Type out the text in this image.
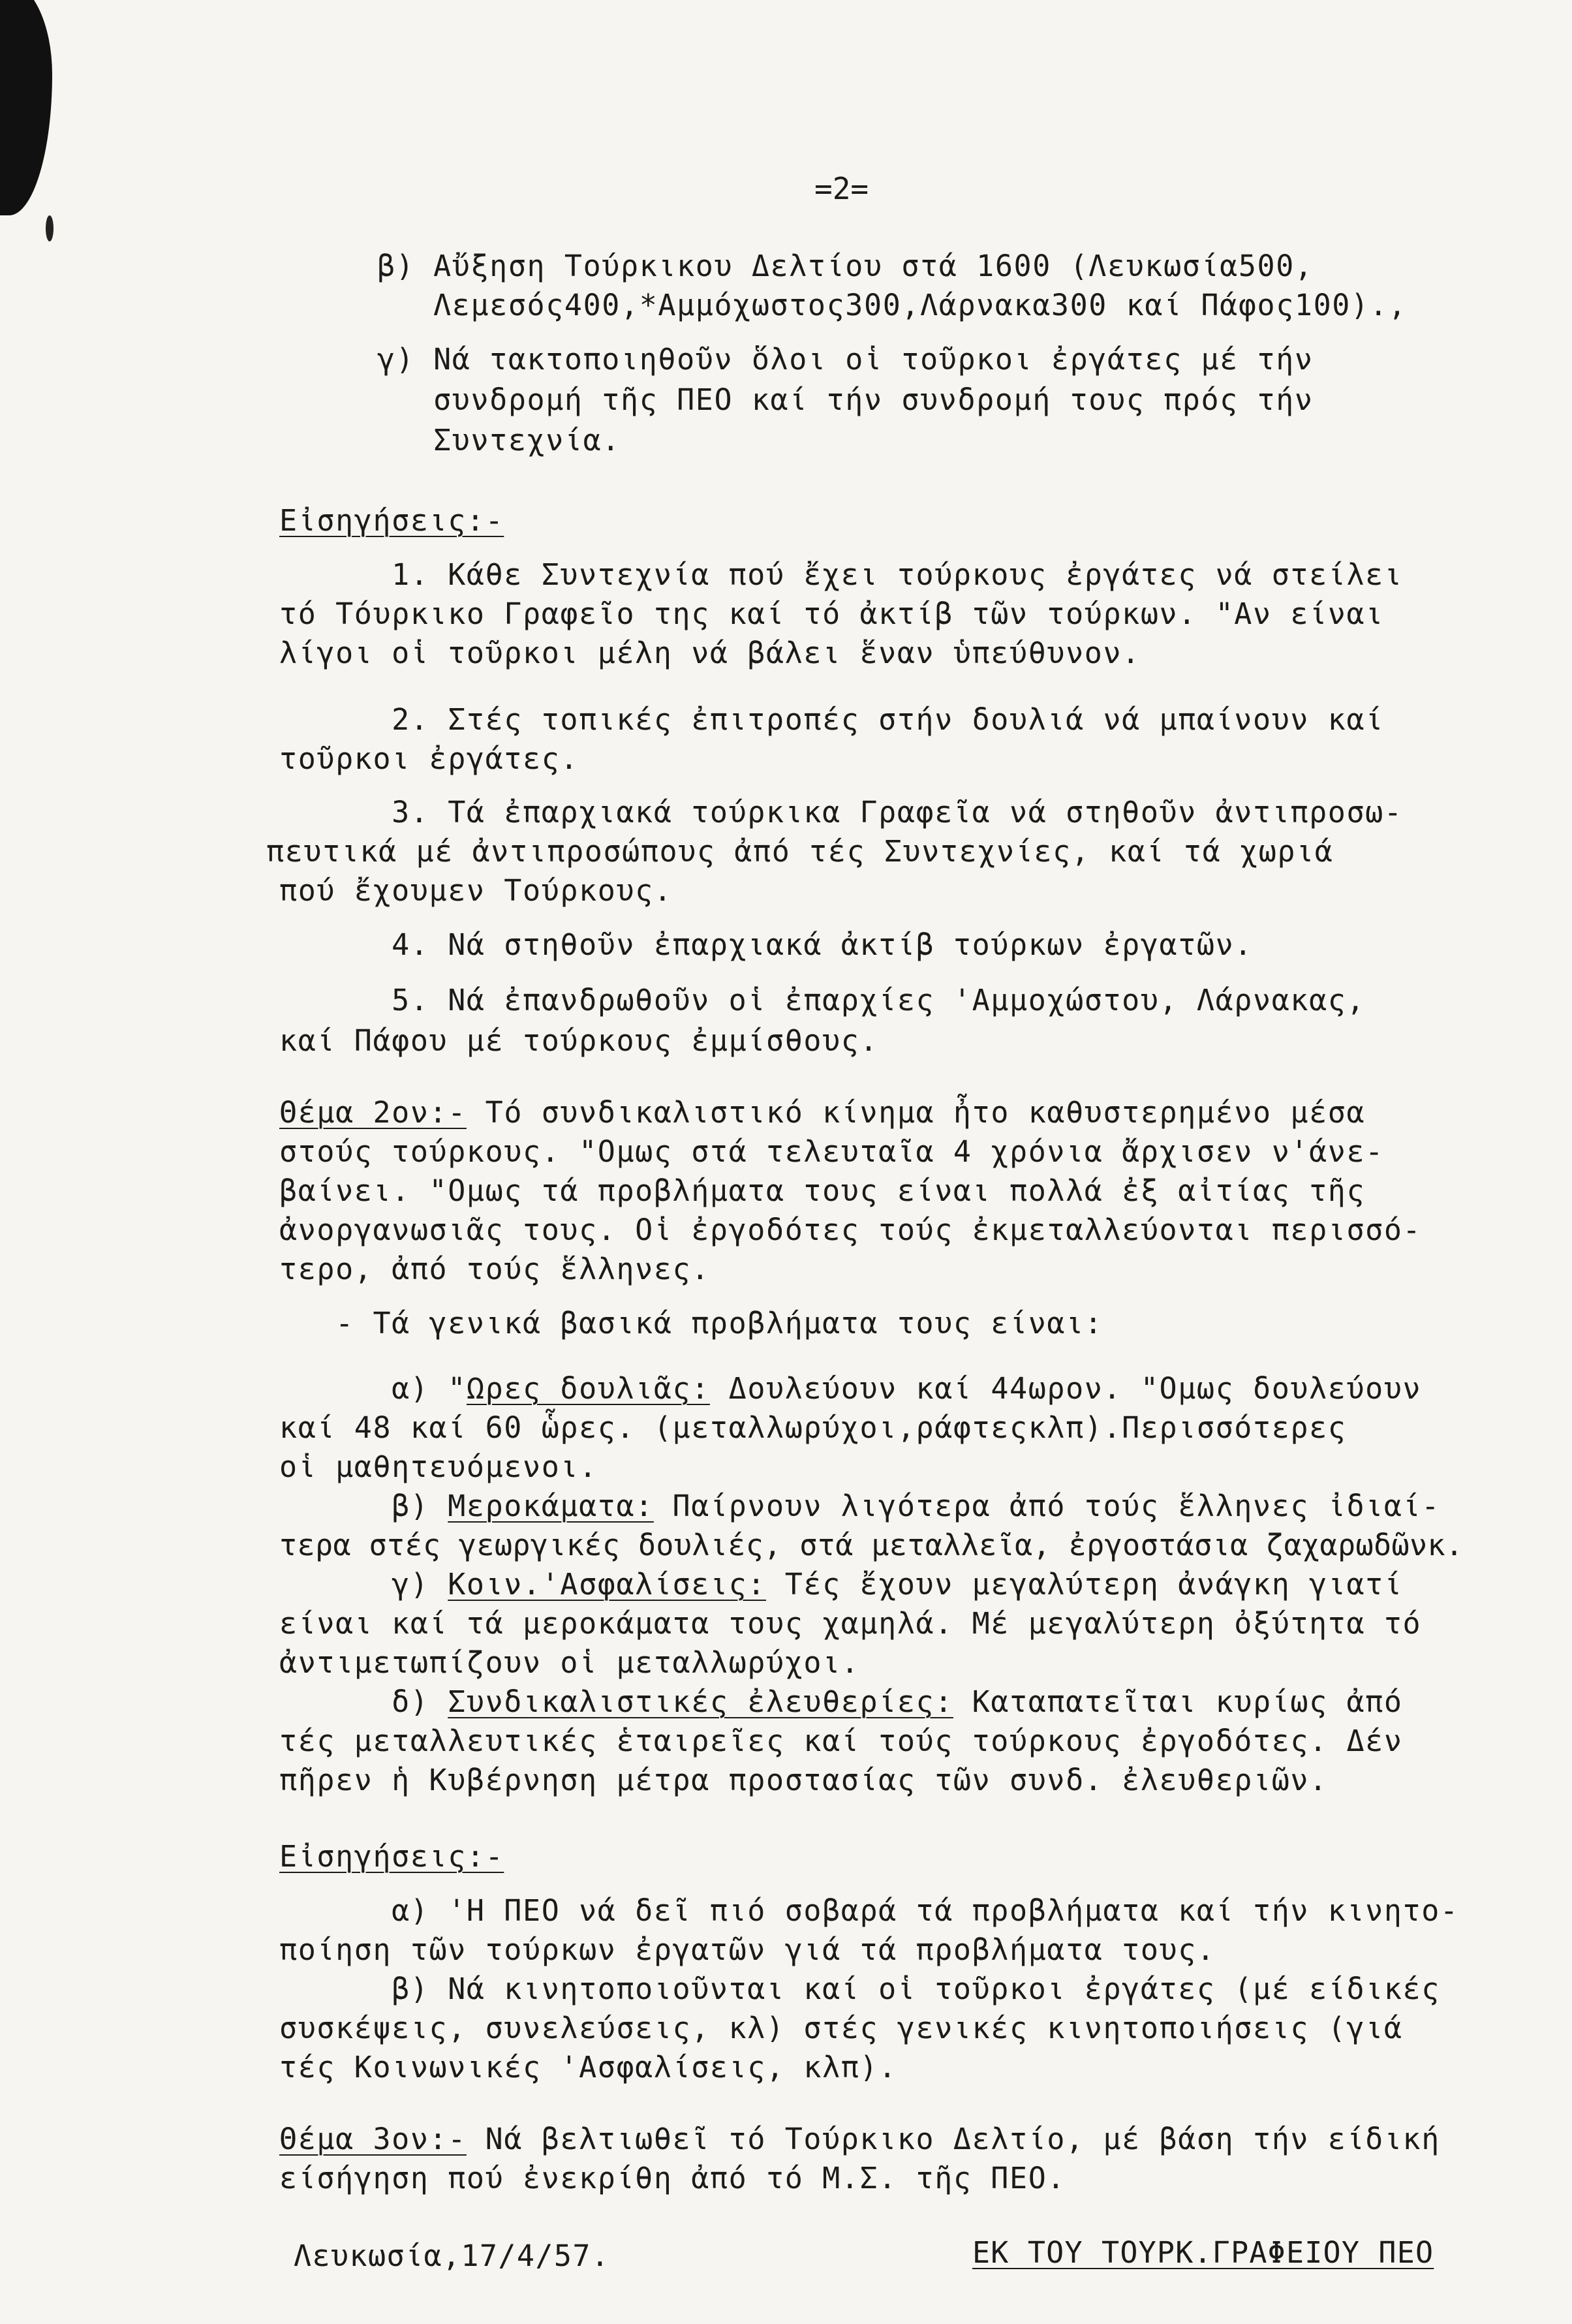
=2=
β) Αὔξηση Τούρκικου Δελτίου στά 1600 (Λευκωσία500,
Λεμεσός400,*Αμμόχωστος300,Λάρνακα300 καί Πάφος100).,
γ) Νά τακτοποιηθοῦν ὅλοι οἱ τοῦρκοι ἐργάτες μέ τήν
συνδρομή τῆς ΠΕΟ καί τήν συνδρομή τους πρός τήν
Συντεχνία.
Εἰσηγήσεις:-
1. Κάθε Συντεχνία πού ἔχει τούρκους ἐργάτες νά στείλει
τό Τόυρκικο Γραφεῖο της καί τό ἀκτίβ τῶν τούρκων. "Αν είναι
λίγοι οἱ τοῦρκοι μέλη νά βάλει ἕναν ὑπεύθυνον.
2. Στές τοπικές ἐπιτροπές στήν δουλιά νά μπαίνουν καί
τοῦρκοι ἐργάτες.
3. Τά ἐπαρχιακά τούρκικα Γραφεῖα νά στηθοῦν ἀντιπροσω-
πευτικά μέ ἀντιπροσώπους ἀπό τές Συντεχνίες, καί τά χωριά
πού ἔχουμεν Τούρκους.
4. Νά στηθοῦν ἐπαρχιακά ἀκτίβ τούρκων ἐργατῶν.
5. Νά ἐπανδρωθοῦν οἱ ἐπαρχίες 'Αμμοχώστου, Λάρνακας,
καί Πάφου μέ τούρκους ἐμμίσθους.
Θέμα 2ον:- Τό συνδικαλιστικό κίνημα ἦτο καθυστερημένο μέσα
στούς τούρκους. "Ομως στά τελευταῖα 4 χρόνια ἄρχισεν ν'άνε-
βαίνει. "Ομως τά προβλήματα τους είναι πολλά ἐξ αἰτίας τῆς
ἀνοργανωσιᾶς τους. Οἱ ἐργοδότες τούς ἐκμεταλλεύονται περισσό-
τερο, ἀπό τούς ἕλληνες.
- Τά γενικά βασικά προβλήματα τους είναι:
α) "Ωρες δουλιᾶς: Δουλεύουν καί 44ωρον. "Ομως δουλεύουν
καί 48 καί 60 ὧρες. (μεταλλωρύχοι,ράφτεςκλπ).Περισσότερες
οἱ μαθητευόμενοι.
β) Μεροκάματα: Παίρνουν λιγότερα ἀπό τούς ἕλληνες ἰδιαί-
τερα στές γεωργικές δουλιές, στά μεταλλεῖα, ἐργοστάσια ζαχαρωδῶνκ.
γ) Κοιν.'Ασφαλίσεις: Τές ἔχουν μεγαλύτερη ἀνάγκη γιατί
είναι καί τά μεροκάματα τους χαμηλά. Μέ μεγαλύτερη ὀξύτητα τό
ἀντιμετωπίζουν οἱ μεταλλωρύχοι.
δ) Συνδικαλιστικές ἐλευθερίες: Καταπατεῖται κυρίως ἀπό
τές μεταλλευτικές ἑταιρεῖες καί τούς τούρκους ἐργοδότες. Δέν
πῆρεν ἡ Κυβέρνηση μέτρα προστασίας τῶν συνδ. ἐλευθεριῶν.
Εἰσηγήσεις:-
α) 'Η ΠΕΟ νά δεῖ πιό σοβαρά τά προβλήματα καί τήν κινητο-
ποίηση τῶν τούρκων ἐργατῶν γιά τά προβλήματα τους.
β) Νά κινητοποιοῦνται καί οἱ τοῦρκοι ἐργάτες (μέ είδικές
συσκέψεις, συνελεύσεις, κλ) στές γενικές κινητοποιήσεις (γιά
τές Κοινωνικές 'Ασφαλίσεις, κλπ).
Θέμα 3ον:- Νά βελτιωθεῖ τό Τούρκικο Δελτίο, μέ βάση τήν είδική
είσήγηση πού ἐνεκρίθη ἀπό τό Μ.Σ. τῆς ΠΕΟ.
Λευκωσία,17/4/57.	ΕΚ ΤΟΥ ΤΟΥΡΚ.ΓΡΑΦΕΙΟΥ ΠΕΟ
